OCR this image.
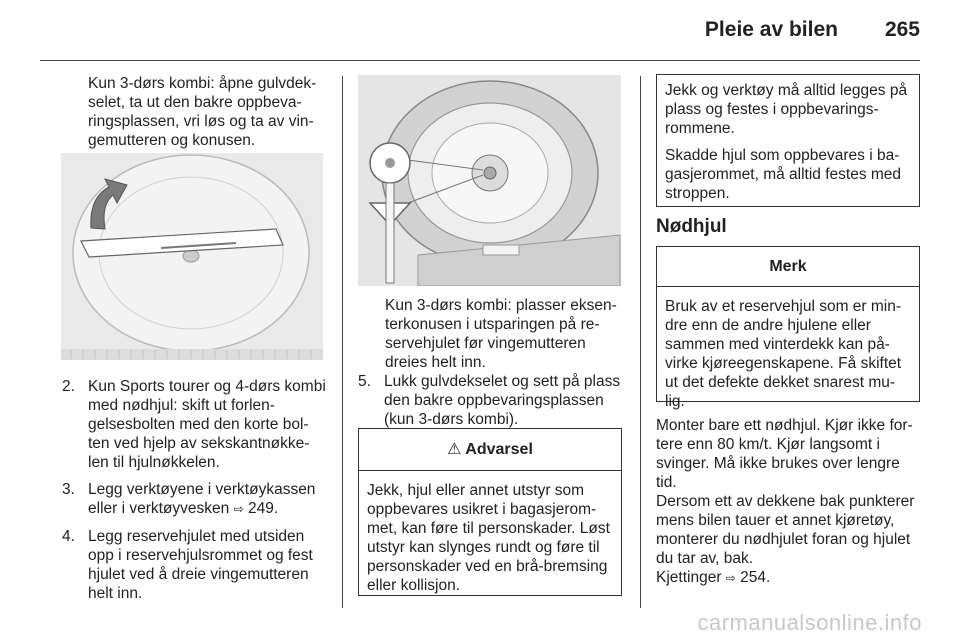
Pleie av bilen 265
Kun 3-dørs kombi: åpne gulvdek-selet, ta ut den bakre oppbeva-ringsplassen, vri løs og ta av vin-gemutteren og konusen.
2. Kun Sports tourer og 4-dørs kombi med nødhjul: skift ut forlen-gelsesbolten med den korte bol-ten ved hjelp av sekskantnøkke-len til hjulnøkkelen.
3. Legg verktøyene i verktøykassen eller i verktøyvesken ⇨ 249.
4. Legg reservehjulet med utsiden opp i reservehjulsrommet og fest hjulet ved å dreie vingemutteren helt inn.
Kun 3-dørs kombi: plasser eksen-terkonusen i utsparingen på re-servehjulet før vingemutteren dreies helt inn.
5. Lukk gulvdekselet og sett på plass den bakre oppbevaringsplassen (kun 3-dørs kombi).
⚠ Advarsel
Jekk, hjul eller annet utstyr som oppbevares usikret i bagasjerom-met, kan føre til personskader. Løst utstyr kan slynges rundt og føre til personskader ved en brå-bremsing eller kollisjon.

Jekk og verktøy må alltid legges på plass og festes i oppbevarings-rommene.

Skadde hjul som oppbevares i ba-gasjerommet, må alltid festes med stroppen.

Nødhjul
Merk
Bruk av et reservehjul som er min-dre enn de andre hjulene eller sammen med vinterdekk kan på-virke kjøreegenskapene. Få skiftet ut det defekte dekket snarest mu-lig.
Monter bare ett nødhjul. Kjør ikke for-tere enn 80 km/t. Kjør langsomt i svinger. Må ikke brukes over lengre tid.
Dersom ett av dekkene bak punkterer mens bilen tauer et annet kjøretøy, monterer du nødhjulet foran og hjulet du tar av, bak.
Kjettinger ⇨ 254.
carmanualsonline.info
